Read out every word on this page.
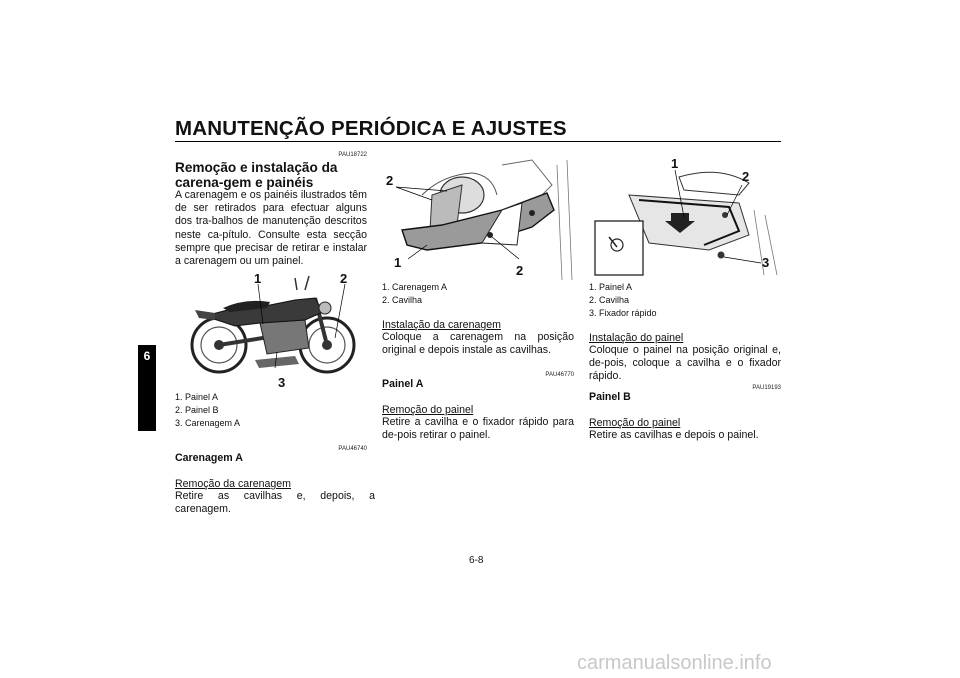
MANUTENÇÃO PERIÓDICA E AJUSTES
6
PAU18722
Remoção e instalação da carena-gem e painéis
A carenagem e os painéis ilustrados têm de ser retirados para efectuar alguns dos tra-balhos de manutenção descritos neste ca-pítulo. Consulte esta secção sempre que precisar de retirar e instalar a carenagem ou um painel.
1	2
3
1. Painel A
2. Painel B
3. Carenagem A
PAU46740
Carenagem A
Remoção da carenagem
Retire as cavilhas e, depois, a carenagem.
2
1
2
1. Carenagem A
2. Cavilha
Instalação da carenagem
Coloque a carenagem na posição original e depois instale as cavilhas.
PAU46770
Painel A
Remoção do painel
Retire a cavilha e o fixador rápido para de-pois retirar o painel.
1
2
3
1. Painel A
2. Cavilha
3. Fixador rápido
Instalação do painel
Coloque o painel na posição original e, de-pois, coloque a cavilha e o fixador rápido.
PAU19193
Painel B
Remoção do painel
Retire as cavilhas e depois o painel.
6-8
carmanualsonline.info
